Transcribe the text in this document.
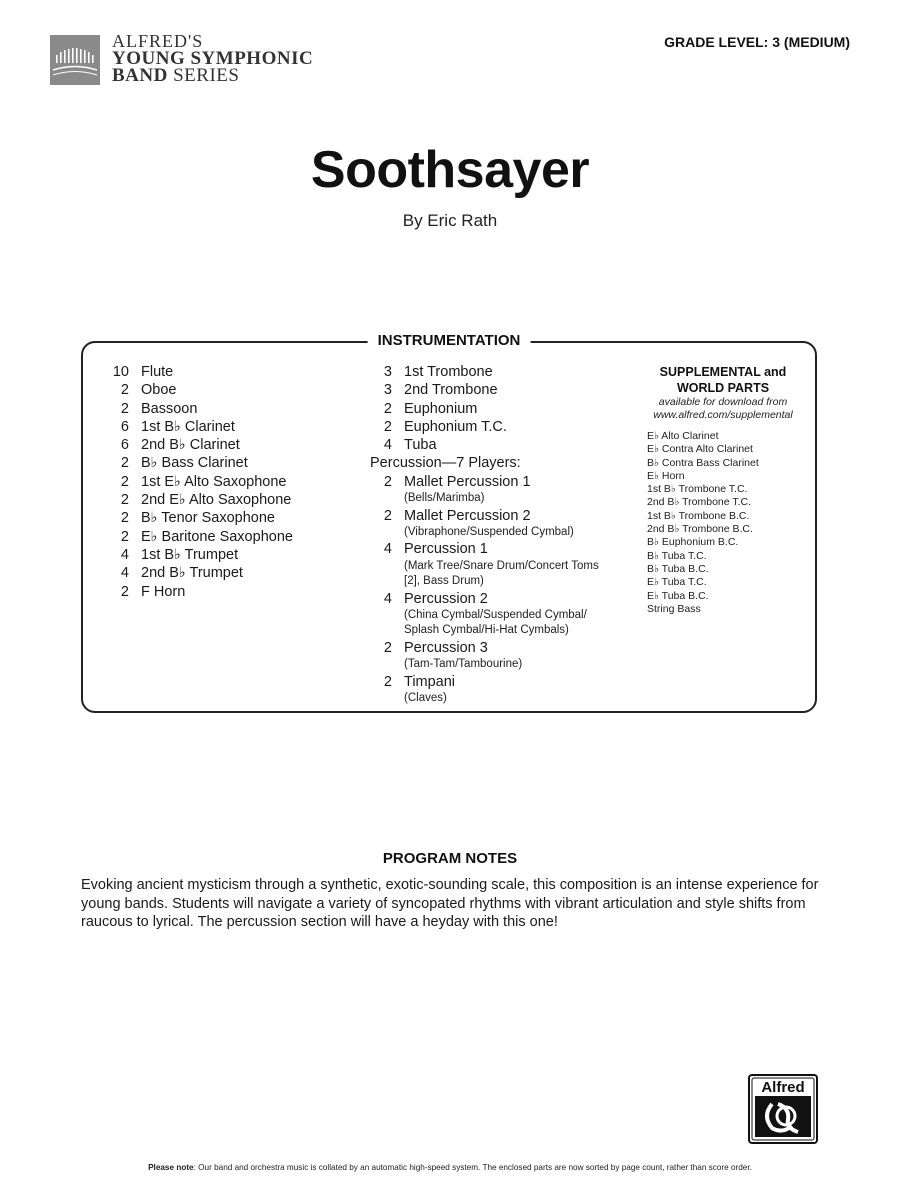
ALFRED'S
YOUNG SYMPHONIC
BAND SERIES
GRADE LEVEL: 3 (MEDIUM)
Soothsayer
By Eric Rath
INSTRUMENTATION
10 Flute
2 Oboe
2 Bassoon
6 1st B♭ Clarinet
6 2nd B♭ Clarinet
2 B♭ Bass Clarinet
2 1st E♭ Alto Saxophone
2 2nd E♭ Alto Saxophone
2 B♭ Tenor Saxophone
2 E♭ Baritone Saxophone
4 1st B♭ Trumpet
4 2nd B♭ Trumpet
2 F Horn
3 1st Trombone
3 2nd Trombone
2 Euphonium
2 Euphonium T.C.
4 Tuba
Percussion—7 Players:
2 Mallet Percussion 1
(Bells/Marimba)
2 Mallet Percussion 2
(Vibraphone/Suspended Cymbal)
4 Percussion 1
(Mark Tree/Snare Drum/Concert Toms
[2], Bass Drum)
4 Percussion 2
(China Cymbal/Suspended Cymbal/
Splash Cymbal/Hi-Hat Cymbals)
2 Percussion 3
(Tam-Tam/Tambourine)
2 Timpani
(Claves)
SUPPLEMENTAL and
WORLD PARTS
available for download from
www.alfred.com/supplemental
E♭ Alto Clarinet
E♭ Contra Alto Clarinet
B♭ Contra Bass Clarinet
E♭ Horn
1st B♭ Trombone T.C.
2nd B♭ Trombone T.C.
1st B♭ Trombone B.C.
2nd B♭ Trombone B.C.
B♭ Euphonium B.C.
B♭ Tuba T.C.
B♭ Tuba B.C.
E♭ Tuba T.C.
E♭ Tuba B.C.
String Bass
PROGRAM NOTES
Evoking ancient mysticism through a synthetic, exotic-sounding scale, this composition is an intense experience for young bands. Students will navigate a variety of syncopated rhythms with vibrant articulation and style shifts from raucous to lyrical. The percussion section will have a heyday with this one!
Alfred
Please note: Our band and orchestra music is collated by an automatic high-speed system. The enclosed parts are now sorted by page count, rather than score order.
